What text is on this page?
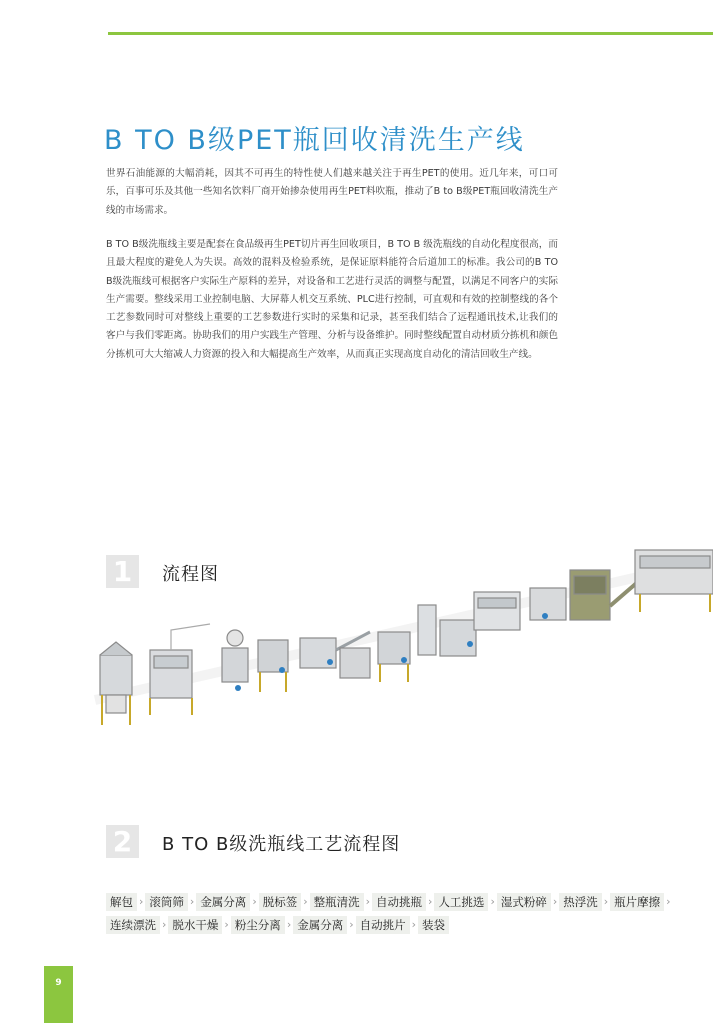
B TO B级PET瓶回收清洗生产线

世界石油能源的大幅消耗，因其不可再生的特性使人们越来越关注于再生PET的使用。近几年来，可口可乐，百事可乐及其他一些知名饮料厂商开始掺杂使用再生PET料吹瓶，推动了B to B级PET瓶回收清洗生产线的市场需求。

B TO B级洗瓶线主要是配套在食品级再生PET切片再生回收项目，B TO B 级洗瓶线的自动化程度很高，而且最大程度的避免人为失误。高效的混料及检验系统，是保证原料能符合后道加工的标准。我公司的B TO B级洗瓶线可根据客户实际生产原料的差异，对设备和工艺进行灵活的调整与配置，以满足不同客户的实际生产需要。整线采用工业控制电脑、大屏幕人机交互系统、PLC进行控制，可直观和有效的控制整线的各个工艺参数同时可对整线上重要的工艺参数进行实时的采集和记录，甚至我们结合了远程通讯技术,让我们的客户与我们零距离。协助我们的用户实践生产管理、分析与设备维护。同时整线配置自动材质分拣机和颜色分拣机可大大缩减人力资源的投入和大幅提高生产效率，从而真正实现高度自动化的清洁回收生产线。

1	流程图
2	B TO B级洗瓶线工艺流程图
解包 › 滚筒筛 › 金属分离 › 脱标签 › 整瓶清洗 › 自动挑瓶 › 人工挑选 › 湿式粉碎 › 热浮洗 › 瓶片摩擦 ›
连续漂洗 › 脱水干燥 › 粉尘分离 › 金属分离 › 自动挑片 › 装袋
9
